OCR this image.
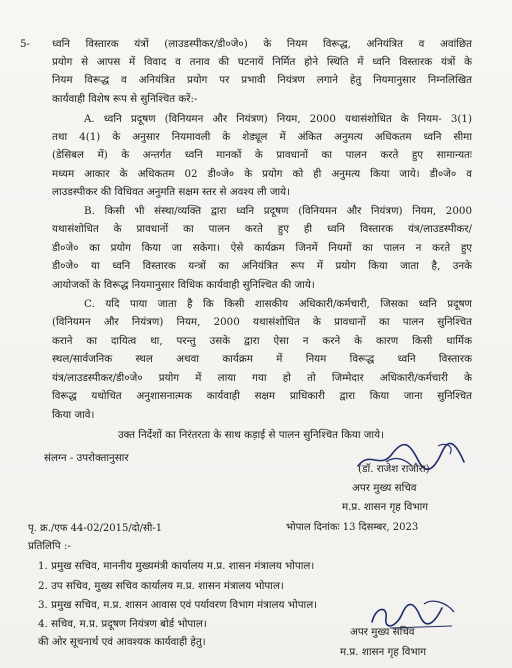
5- ध्वनि विस्तारक यंत्रों (लाउडस्पीकर/डी०जे०) के नियम विरूद्ध, अनियंत्रित व अवांछित
प्रयोग से आपस में विवाद व तनाव की घटनायें निर्मित होने स्थिति में ध्वनि विस्तारक यंत्रों के
नियम विरूद्ध व अनियंत्रित प्रयोग पर प्रभावी नियंत्रण लगाने हेतु नियमानुसार निम्नलिखित
कार्यवाही विशेष रूप से सुनिश्चित करें:-
A. ध्वनि प्रदूषण (विनियमन और नियंत्रण) नियम, 2000 यथासंशोधित के नियम- 3(1)
तथा 4(1) के अनुसार नियमावली के शेड्यूल में अंकित अनुमत्य अधिकतम ध्वनि सीमा
(डेसिबल में) के अन्तर्गत ध्वनि मानकों के प्रावधानों का पालन करते हुए सामान्यतः
मध्यम आकार के अधिकतम 02 डी०जे० के प्रयोग को ही अनुमत्य किया जाये। डी०जे० व
लाउडस्पीकर की विधिवत अनुमति सक्षम स्तर से अवश्य ली जाये।
B. किसी भी संस्था/व्यक्ति द्वारा ध्वनि प्रदूषण (विनियमन और नियंत्रण) नियम, 2000
यथासंशोधित के प्रावधानों का पालन करते हुए ही ध्वनि विस्तारक यंत्र/लाउडस्पीकर/
डी०जे० का प्रयोग किया जा सकेगा। ऐसे कार्यक्रम जिनमें नियमों का पालन न करते हुए
डी०जे० या ध्वनि विस्तारक यन्त्रों का अनियंत्रित रूप में प्रयोग किया जाता है, उनके
आयोजकों के विरूद्ध नियमानुसार विधिक कार्यवाही सुनिश्चित की जाये।
C. यदि पाया जाता है कि किसी शासकीय अधिकारी/कर्मचारी, जिसका ध्वनि प्रदूषण
(विनियमन और नियंत्रण) नियम, 2000 यथासंशोधित के प्रावधानों का पालन सुनिश्चित
कराने का दायित्व था, परन्तु उसके द्वारा ऐसा न करने के कारण किसी धार्मिक
स्थल/सार्वजनिक स्थल अथवा कार्यक्रम में नियम विरूद्ध ध्वनि विस्तारक
यंत्र/लाउडस्पीकर/डी०जे० प्रयोग में लाया गया हो तो जिम्मेदार अधिकारी/कर्मचारी के
विरूद्ध यथोचित अनुशासनात्मक कार्यवाही सक्षम प्राधिकारी द्वारा किया जाना सुनिश्चित
किया जावे।
उक्त निर्देशों का निरंतरता के साथ कड़ाई से पालन सुनिश्चित किया जाये।
संलग्न - उपरोक्तानुसार
(डॉ. राजेश राजौरा)
अपर मुख्य सचिव
म.प्र. शासन गृह विभाग
भोपाल दिनांकः 13 दिसम्बर, 2023
पृ. क्र./एफ 44-02/2015/दो/सी-1
प्रतिलिपि :-
1. प्रमुख सचिव, माननीय मुख्यमंत्री कार्यालय म.प्र. शासन मंत्रालय भोपाल।
2. उप सचिव, मुख्य सचिव कार्यालय म.प्र. शासन मंत्रालय भोपाल।
3. प्रमुख सचिव, म.प्र. शासन आवास एवं पर्यावरण विभाग मंत्रालय भोपाल।
4. सचिव, म.प्र. प्रदूषण नियंत्रण बोर्ड भोपाल।
की ओर सूचनार्थ एवं आवश्यक कार्यवाही हेतु।
अपर मुख्य सचिव
म.प्र. शासन गृह विभाग
